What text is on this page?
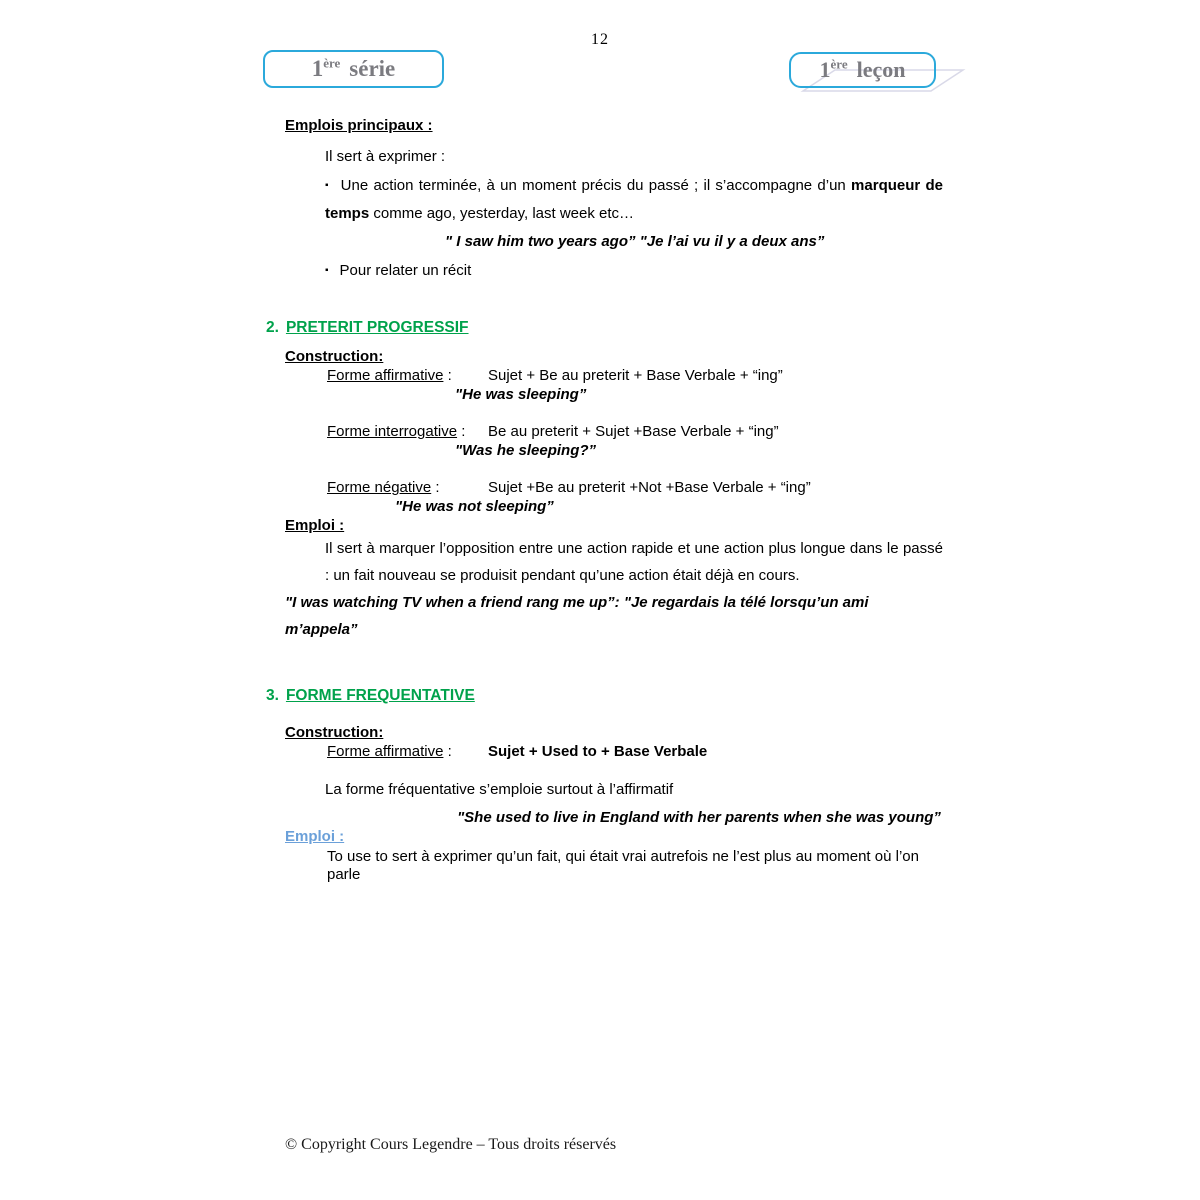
12
1ère série	1ère leçon
Emplois principaux :
Il sert à exprimer :
▪ Une action terminée, à un moment précis du passé ; il s’accompagne d’un marqueur de temps comme ago, yesterday, last week etc…
" I saw him two years ago” "Je l’ai vu il y a deux ans”
▪ Pour relater un récit
2. PRETERIT PROGRESSIF
Construction:
Forme affirmative : Sujet + Be au preterit + Base Verbale + “ing”
"He was sleeping”
Forme interrogative : Be au preterit + Sujet +Base Verbale + “ing”
"Was he sleeping?”
Forme négative :	Sujet +Be au preterit +Not +Base Verbale + “ing”
"He was not sleeping”
Emploi :
Il sert à marquer l’opposition entre une action rapide et une action plus longue dans le passé : un fait nouveau se produisit pendant qu’une action était déjà en cours.
"I was watching TV when a friend rang me up”: "Je regardais la télé lorsqu’un ami m’appela”
3. FORME FREQUENTATIVE
Construction:
Forme affirmative : Sujet + Used to + Base Verbale
La forme fréquentative s’emploie surtout à l’affirmatif
"She used to live in England with her parents when she was young”
Emploi :
To use to sert à exprimer qu’un fait, qui était vrai autrefois ne l’est plus au moment où l’on parle
© Copyright Cours Legendre – Tous droits réservés
